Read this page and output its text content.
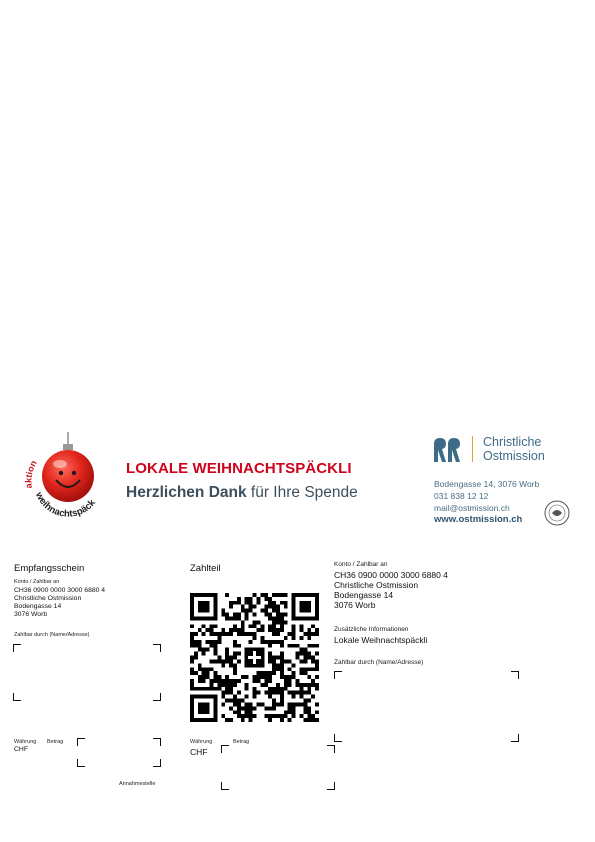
aktion
weihnachtspäck
LOKALE WEIHNACHTSPÄCKLI
Herzlichen Dank für Ihre Spende
Christliche
Ostmission
Bodengasse 14, 3076 Worb
031 838 12 12
mail@ostmission.ch
www.ostmission.ch
Empfangsschein
Konto / Zahlbar an
CH36 0900 0000 3000 6880 4
Christliche Ostmission
Bodengasse 14
3076 Worb
Zahlbar durch (Name/Adresse)
Währung Betrag
CHF
Annahmestelle
Zahlteil
Währung	Betrag
CHF
Konto / Zahlbar an
CH36 0900 0000 3000 6880 4
Christliche Ostmission
Bodengasse 14
3076 Worb
Zusätzliche Informationen
Lokale Weihnachtspäckli
Zahlbar durch (Name/Adresse)
